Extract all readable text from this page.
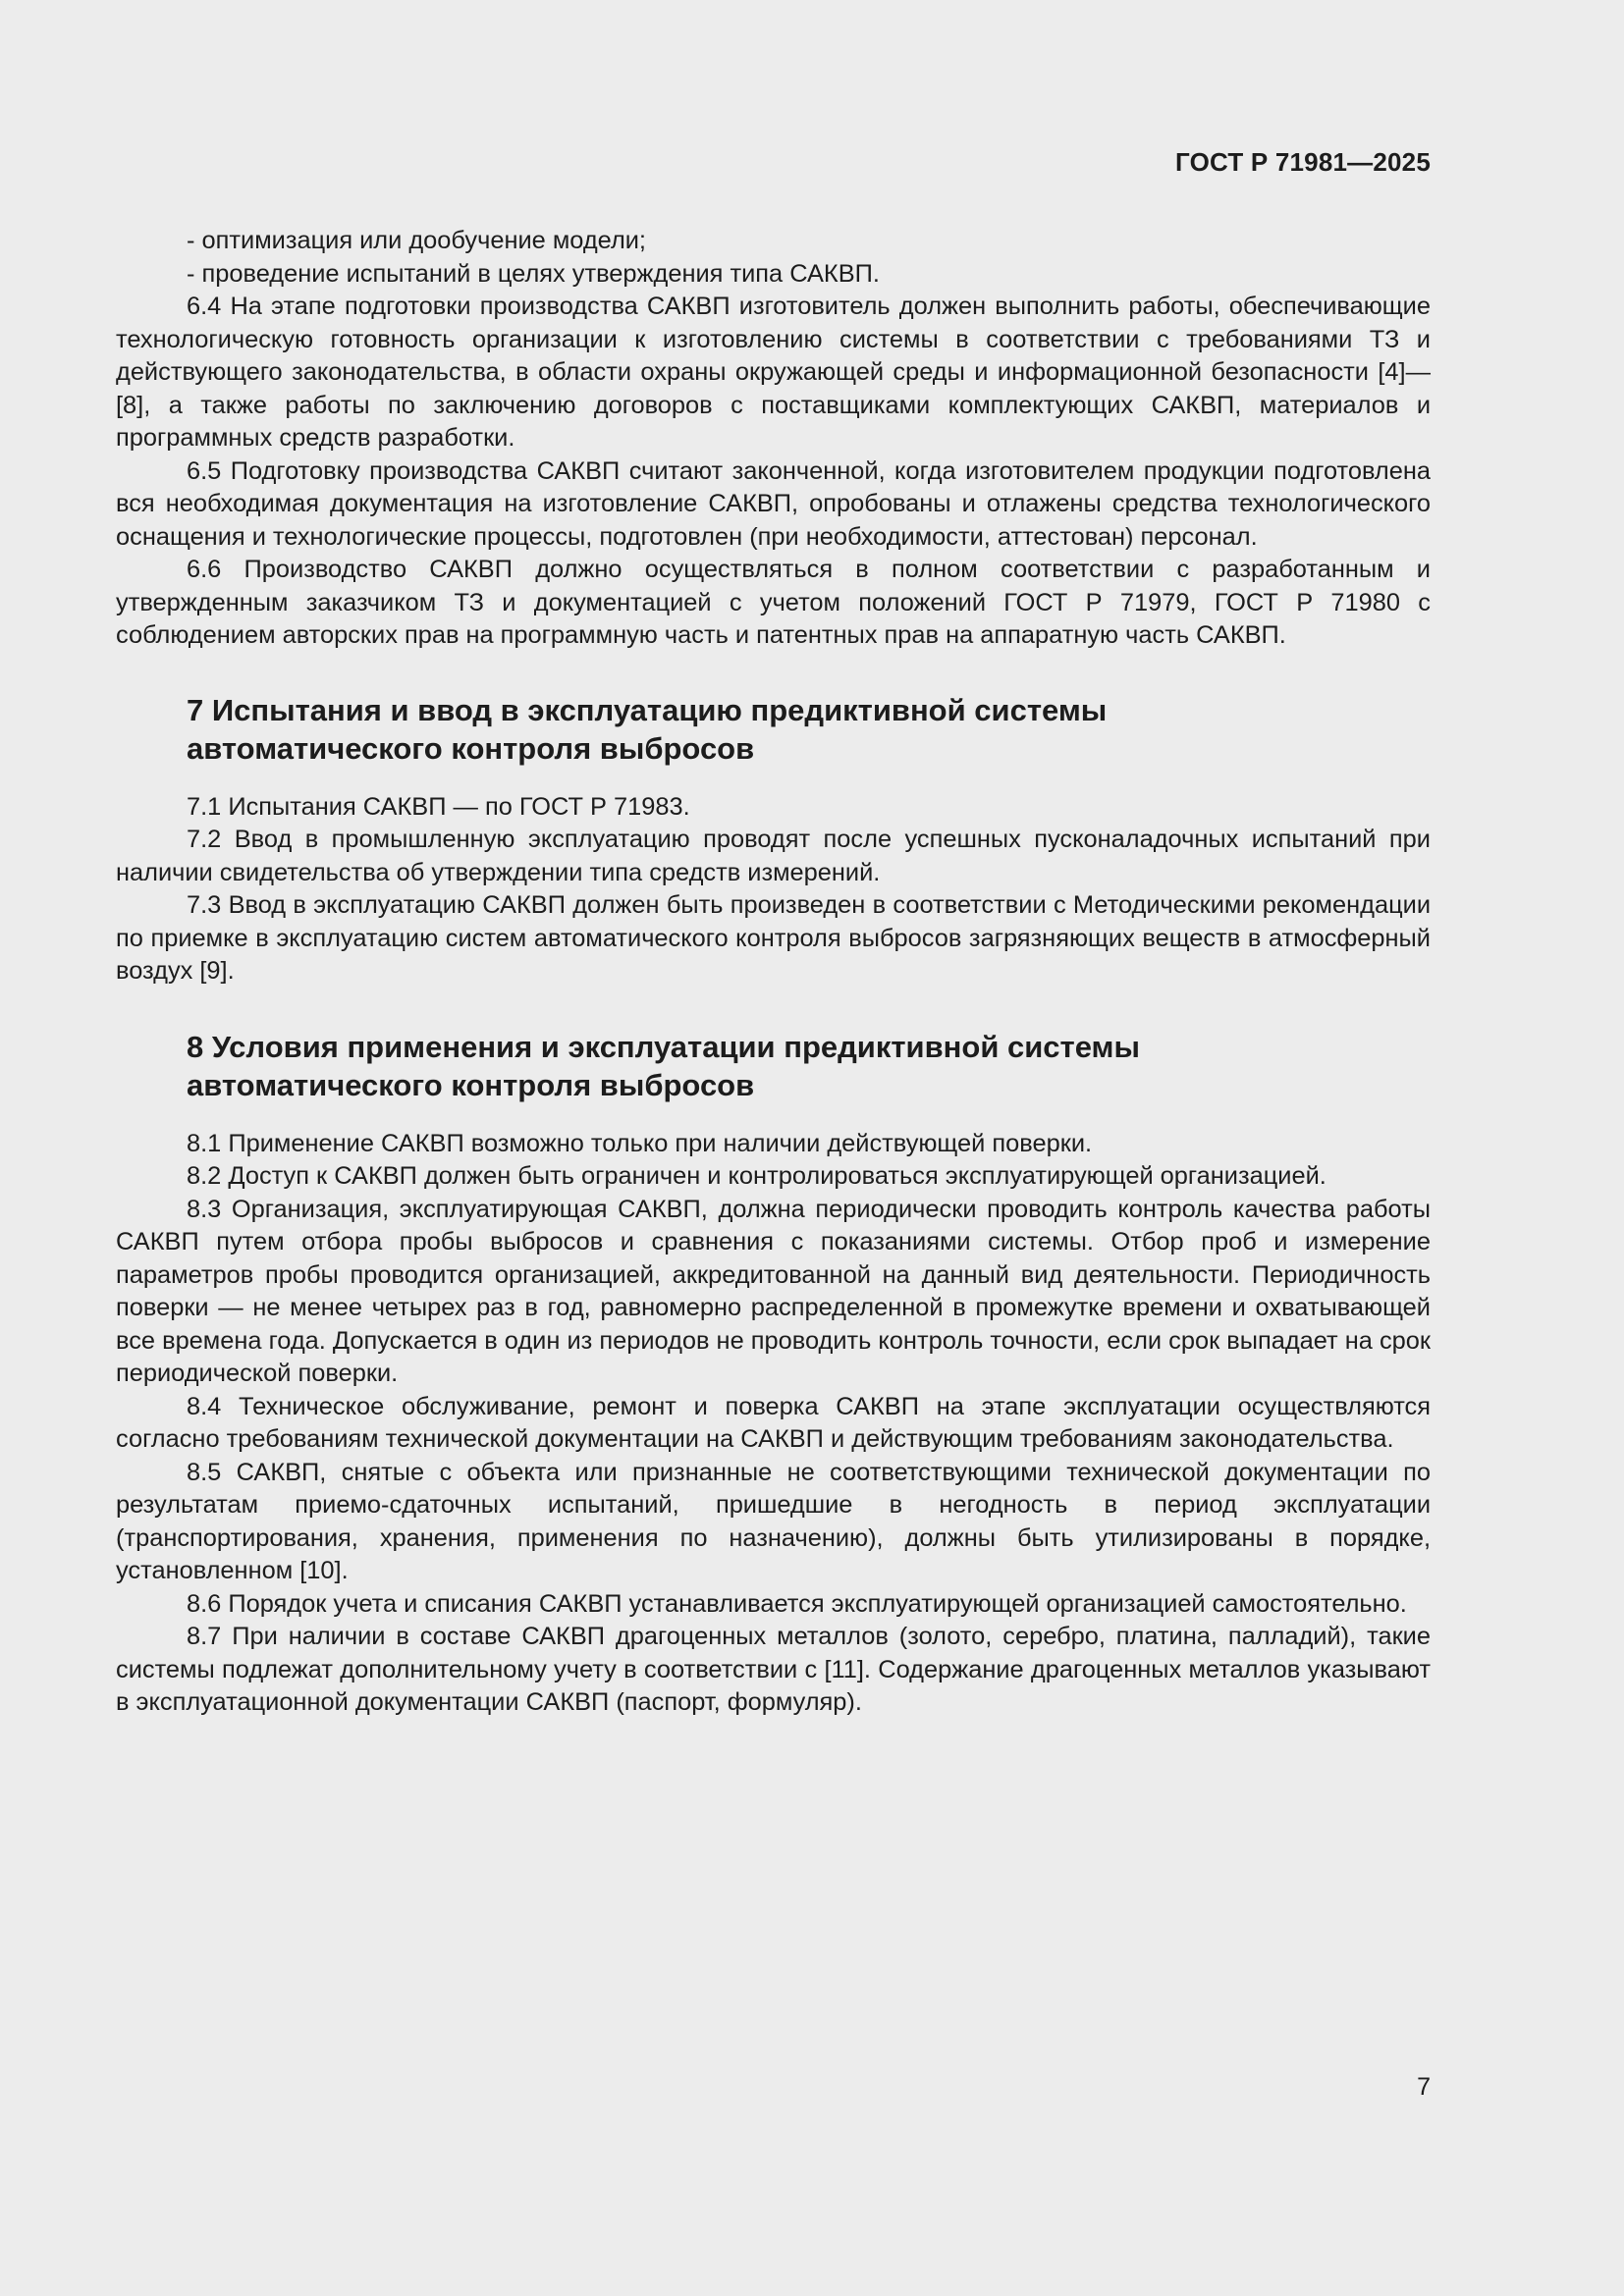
ГОСТ Р 71981—2025

- оптимизация или дообучение модели;

- проведение испытаний в целях утверждения типа САКВП.

6.4 На этапе подготовки производства САКВП изготовитель должен выполнить работы, обеспечивающие технологическую готовность организации к изготовлению системы в соответствии с требованиями ТЗ и действующего законодательства, в области охраны окружающей среды и информационной безопасности [4]—[8], а также работы по заключению договоров с поставщиками комплектующих САКВП, материалов и программных средств разработки.

6.5 Подготовку производства САКВП считают законченной, когда изготовителем продукции подготовлена вся необходимая документация на изготовление САКВП, опробованы и отлажены средства технологического оснащения и технологические процессы, подготовлен (при необходимости, аттестован) персонал.

6.6 Производство САКВП должно осуществляться в полном соответствии с разработанным и утвержденным заказчиком ТЗ и документацией с учетом положений ГОСТ Р 71979, ГОСТ Р 71980 с соблюдением авторских прав на программную часть и патентных прав на аппаратную часть САКВП.

7 Испытания и ввод в эксплуатацию предиктивной системы
автоматического контроля выбросов

7.1 Испытания САКВП — по ГОСТ Р 71983.

7.2 Ввод в промышленную эксплуатацию проводят после успешных пусконаладочных испытаний при наличии свидетельства об утверждении типа средств измерений.

7.3 Ввод в эксплуатацию САКВП должен быть произведен в соответствии с Методическими рекомендации по приемке в эксплуатацию систем автоматического контроля выбросов загрязняющих веществ в атмосферный воздух [9].

8 Условия применения и эксплуатации предиктивной системы
автоматического контроля выбросов

8.1 Применение САКВП возможно только при наличии действующей поверки.

8.2 Доступ к САКВП должен быть ограничен и контролироваться эксплуатирующей организацией.

8.3 Организация, эксплуатирующая САКВП, должна периодически проводить контроль качества работы САКВП путем отбора пробы выбросов и сравнения с показаниями системы. Отбор проб и измерение параметров пробы проводится организацией, аккредитованной на данный вид деятельности. Периодичность поверки — не менее четырех раз в год, равномерно распределенной в промежутке времени и охватывающей все времена года. Допускается в один из периодов не проводить контроль точности, если срок выпадает на срок периодической поверки.

8.4 Техническое обслуживание, ремонт и поверка САКВП на этапе эксплуатации осуществляются согласно требованиям технической документации на САКВП и действующим требованиям законодательства.

8.5 САКВП, снятые с объекта или признанные не соответствующими технической документации по результатам приемо-сдаточных испытаний, пришедшие в негодность в период эксплуатации (транспортирования, хранения, применения по назначению), должны быть утилизированы в порядке, установленном [10].

8.6 Порядок учета и списания САКВП устанавливается эксплуатирующей организацией самостоятельно.

8.7 При наличии в составе САКВП драгоценных металлов (золото, серебро, платина, палладий), такие системы подлежат дополнительному учету в соответствии с [11]. Содержание драгоценных металлов указывают в эксплуатационной документации САКВП (паспорт, формуляр).

7
